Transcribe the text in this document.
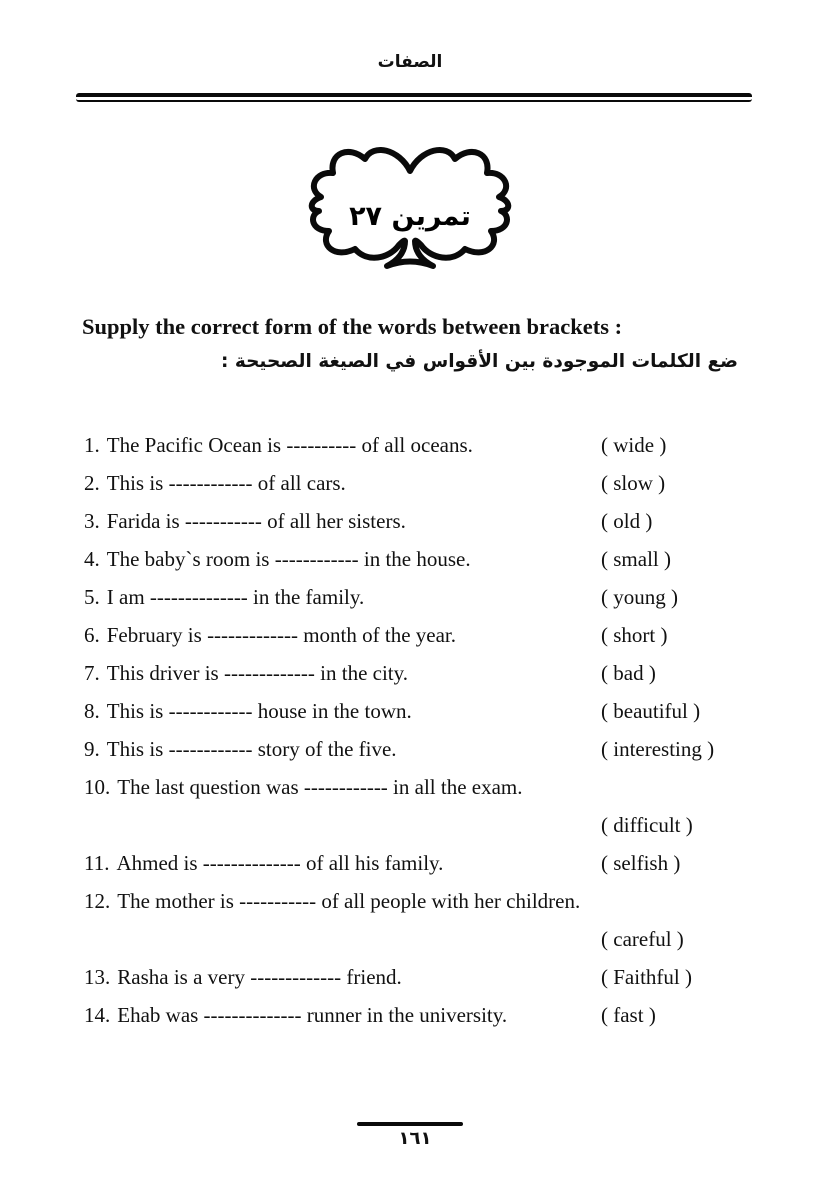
الصفات
تمرين ٢٧
Supply the correct form of the words between brackets :
ضع الكلمات الموجودة بين الأقواس في الصيغة الصحيحة :
1. The Pacific Ocean is ---------- of all oceans.	( wide )
2. This is ------------ of all cars.	( slow )
3. Farida is ----------- of all her sisters.	( old )
4. The baby`s room is ------------ in the house.	( small )
5. I am -------------- in the family.	( young )
6. February is ------------- month of the year.	( short )
7. This driver is ------------- in the city.	( bad )
8. This is ------------ house in the town.	( beautiful )
9. This is ------------ story of the five.	( interesting )
10. The last question was ------------ in all the exam.
( difficult )
11. Ahmed is -------------- of all his family.	( selfish )
12. The mother is ----------- of all people with her children.
( careful )
13. Rasha is a very ------------- friend.	( Faithful )
14. Ehab was -------------- runner in the university.	( fast )
١٦١
